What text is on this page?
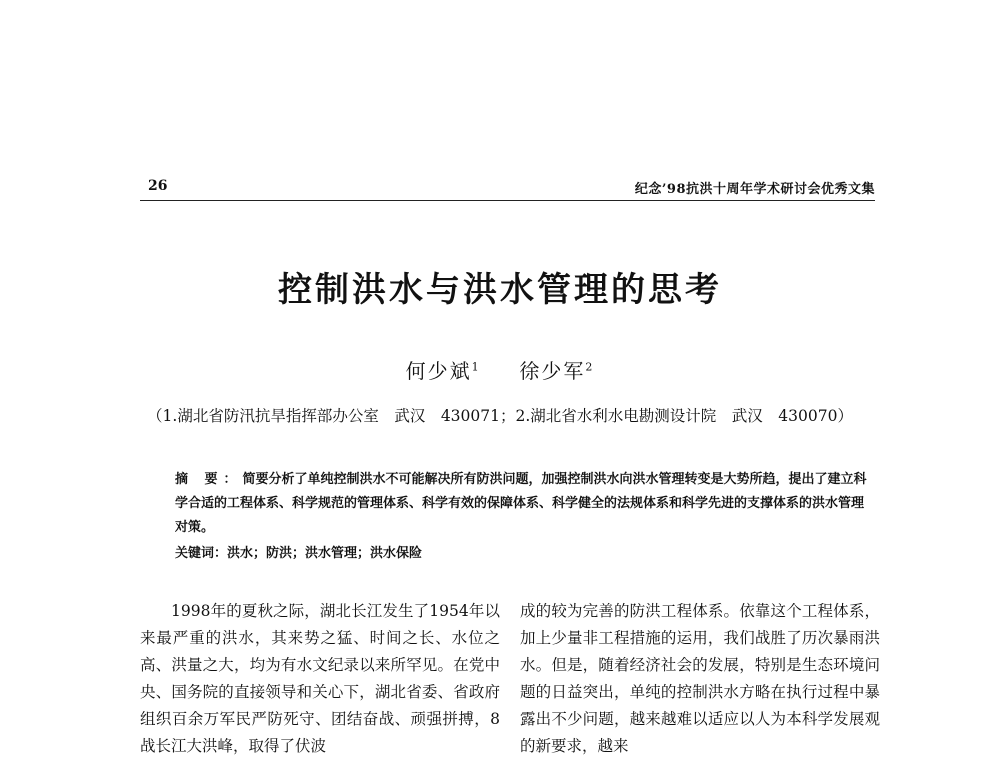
26	纪念’98抗洪十周年学术研讨会优秀文集
控制洪水与洪水管理的思考
何少斌$^1$ 徐少军$^2$
（1.湖北省防汛抗旱指挥部办公室　武汉　430071；2.湖北省水利水电勘测设计院　武汉　430070）

摘 要：简要分析了单纯控制洪水不可能解决所有防洪问题，加强控制洪水向洪水管理转变是大势所趋，提出了建立科学合适的工程体系、科学规范的管理体系、科学有效的保障体系、科学健全的法规体系和科学先进的支撑体系的洪水管理对策。

关键词：洪水；防洪；洪水管理；洪水保险

1998年的夏秋之际，湖北长江发生了1954年以来最严重的洪水，其来势之猛、时间之长、水位之高、洪量之大，均为有水文纪录以来所罕见。在党中央、国务院的直接领导和关心下，湖北省委、省政府组织百余万军民严防死守、团结奋战、顽强拼搏，8战长江大洪峰，取得了伏波

成的较为完善的防洪工程体系。依靠这个工程体系，加上少量非工程措施的运用，我们战胜了历次暴雨洪水。但是，随着经济社会的发展，特别是生态环境问题的日益突出，单纯的控制洪水方略在执行过程中暴露出不少问题，越来越难以适应以人为本科学发展观的新要求，越来
